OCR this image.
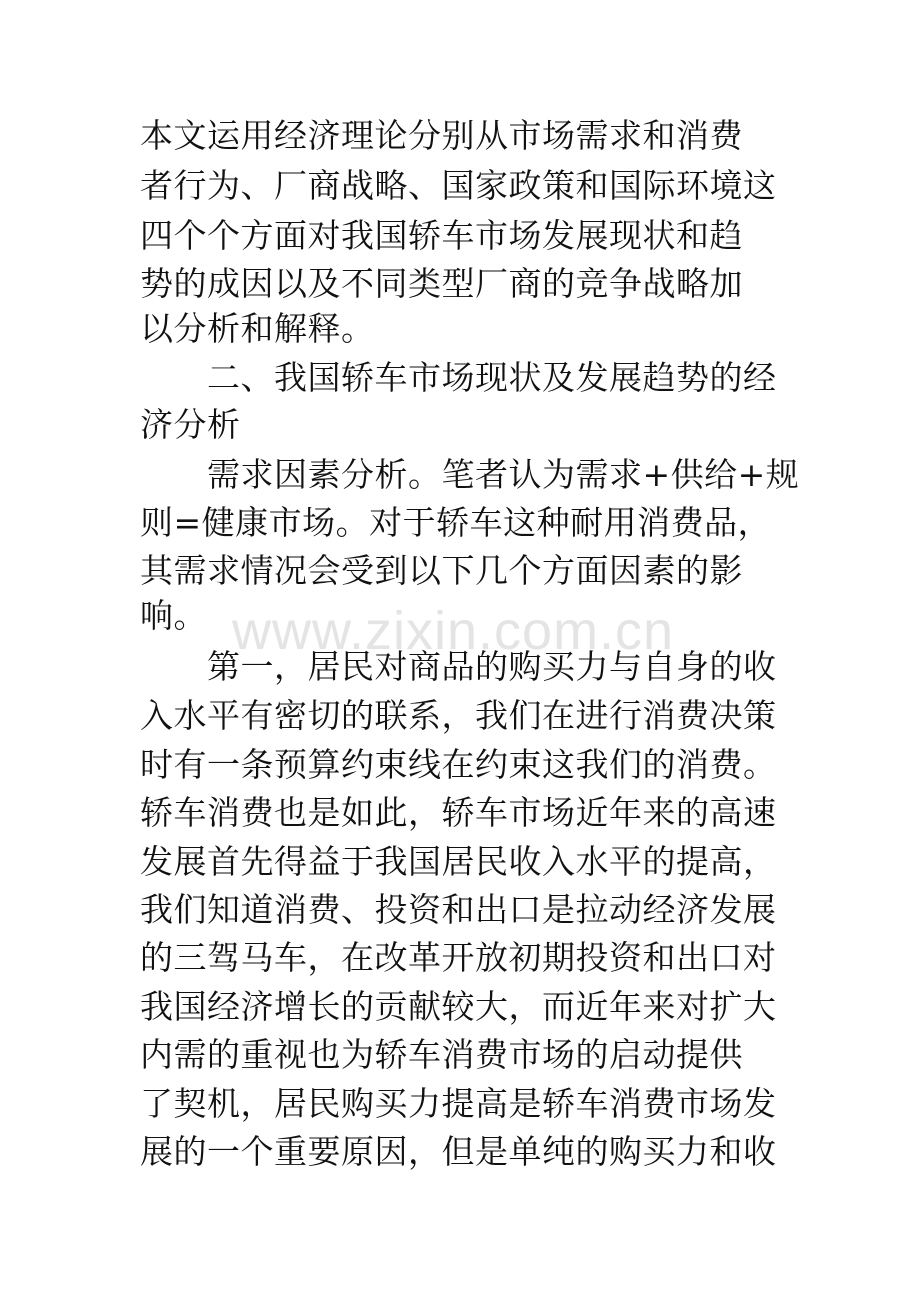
www.zixin.com.cn
本文运用经济理论分别从市场需求和消费
者行为、厂商战略、国家政策和国际环境这
四个个方面对我国轿车市场发展现状和趋
势的成因以及不同类型厂商的竞争战略加
以分析和解释。
　　二、我国轿车市场现状及发展趋势的经
济分析
　　需求因素分析。笔者认为需求+供给+规
则=健康市场。对于轿车这种耐用消费品，
其需求情况会受到以下几个方面因素的影
响。
　　第一，居民对商品的购买力与自身的收
入水平有密切的联系，我们在进行消费决策
时有一条预算约束线在约束这我们的消费。
轿车消费也是如此，轿车市场近年来的高速
发展首先得益于我国居民收入水平的提高，
我们知道消费、投资和出口是拉动经济发展
的三驾马车，在改革开放初期投资和出口对
我国经济增长的贡献较大，而近年来对扩大
内需的重视也为轿车消费市场的启动提供
了契机，居民购买力提高是轿车消费市场发
展的一个重要原因，但是单纯的购买力和收
